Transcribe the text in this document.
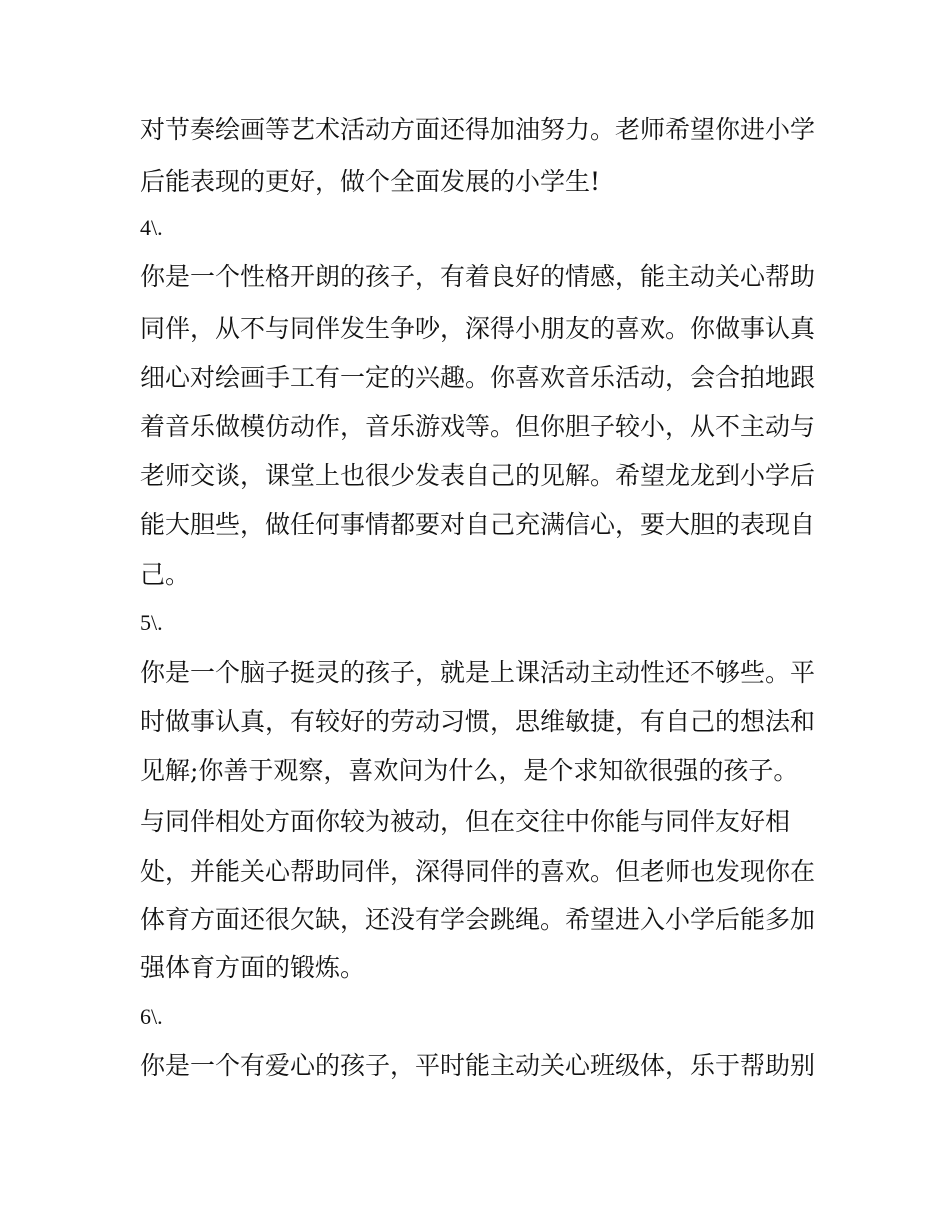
对节奏绘画等艺术活动方面还得加油努力。老师希望你进小学

后能表现的更好，做个全面发展的小学生!

4\.

你是一个性格开朗的孩子，有着良好的情感，能主动关心帮助

同伴，从不与同伴发生争吵，深得小朋友的喜欢。你做事认真

细心对绘画手工有一定的兴趣。你喜欢音乐活动，会合拍地跟

着音乐做模仿动作，音乐游戏等。但你胆子较小，从不主动与

老师交谈，课堂上也很少发表自己的见解。希望龙龙到小学后

能大胆些，做任何事情都要对自己充满信心，要大胆的表现自

己。

5\.

你是一个脑子挺灵的孩子，就是上课活动主动性还不够些。平

时做事认真，有较好的劳动习惯，思维敏捷，有自己的想法和

见解;你善于观察，喜欢问为什么，是个求知欲很强的孩子。

与同伴相处方面你较为被动，但在交往中你能与同伴友好相

处，并能关心帮助同伴，深得同伴的喜欢。但老师也发现你在

体育方面还很欠缺，还没有学会跳绳。希望进入小学后能多加

强体育方面的锻炼。

6\.

你是一个有爱心的孩子，平时能主动关心班级体，乐于帮助别
